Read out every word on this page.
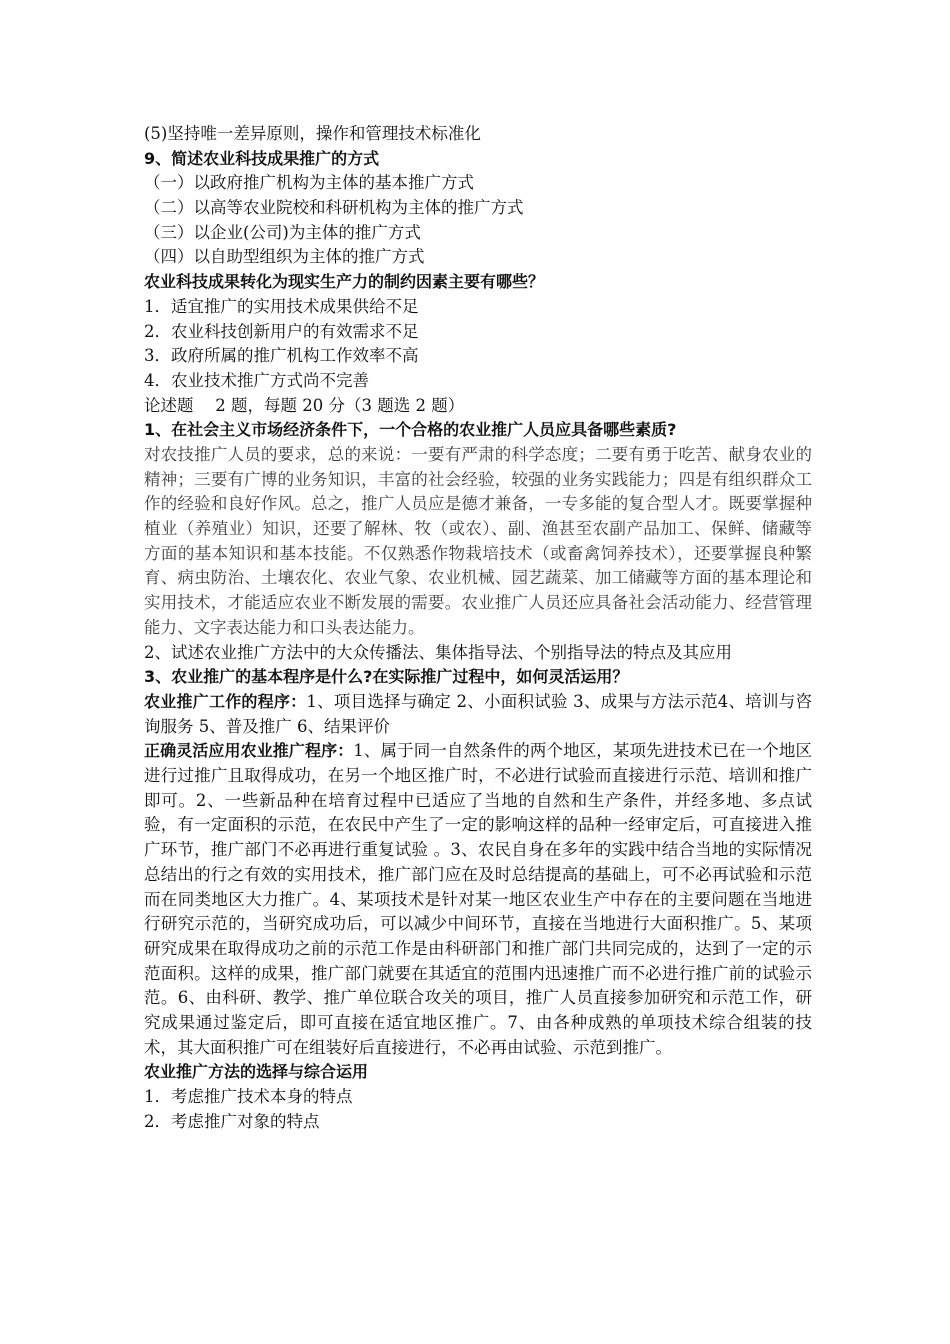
(5)坚持唯一差异原则，操作和管理技术标准化
9、简述农业科技成果推广的方式
（一）以政府推广机构为主体的基本推广方式
（二）以高等农业院校和科研机构为主体的推广方式
（三）以企业(公司)为主体的推广方式
（四）以自助型组织为主体的推广方式
农业科技成果转化为现实生产力的制约因素主要有哪些？
1．适宜推广的实用技术成果供给不足
2．农业科技创新用户的有效需求不足
3．政府所属的推广机构工作效率不高
4．农业技术推广方式尚不完善
论述题　 2 题，每题 20 分（3 题选 2 题）
1、在社会主义市场经济条件下，一个合格的农业推广人员应具备哪些素质?
对农技推广人员的要求，总的来说：一要有严肃的科学态度；二要有勇于吃苦、献身农业的精神；三要有广博的业务知识，丰富的社会经验，较强的业务实践能力；四是有组织群众工作的经验和良好作风。总之，推广人员应是德才兼备，一专多能的复合型人才。既要掌握种植业（养殖业）知识，还要了解林、牧（或农）、副、渔甚至农副产品加工、保鲜、储藏等方面的基本知识和基本技能。不仅熟悉作物栽培技术（或畜禽饲养技术），还要掌握良种繁育、病虫防治、土壤农化、农业气象、农业机械、园艺蔬菜、加工储藏等方面的基本理论和实用技术，才能适应农业不断发展的需要。农业推广人员还应具备社会活动能力、经营管理能力、文字表达能力和口头表达能力。
2、试述农业推广方法中的大众传播法、集体指导法、个别指导法的特点及其应用
3、农业推广的基本程序是什么?在实际推广过程中，如何灵活运用？
农业推广工作的程序：1、项目选择与确定 2、小面积试验 3、成果与方法示范4、培训与咨询服务 5、普及推广 6、结果评价
正确灵活应用农业推广程序：1、属于同一自然条件的两个地区，某项先进技术已在一个地区进行过推广且取得成功，在另一个地区推广时，不必进行试验而直接进行示范、培训和推广即可。2、一些新品种在培育过程中已适应了当地的自然和生产条件，并经多地、多点试验，有一定面积的示范，在农民中产生了一定的影响这样的品种一经审定后，可直接进入推广环节，推广部门不必再进行重复试验 。3、农民自身在多年的实践中结合当地的实际情况总结出的行之有效的实用技术，推广部门应在及时总结提高的基础上，可不必再试验和示范而在同类地区大力推广。4、某项技术是针对某一地区农业生产中存在的主要问题在当地进行研究示范的，当研究成功后，可以减少中间环节，直接在当地进行大面积推广。5、某项研究成果在取得成功之前的示范工作是由科研部门和推广部门共同完成的，达到了一定的示范面积。这样的成果，推广部门就要在其适宜的范围内迅速推广而不必进行推广前的试验示范。6、由科研、教学、推广单位联合攻关的项目，推广人员直接参加研究和示范工作，研究成果通过鉴定后，即可直接在适宜地区推广。7、由各种成熟的单项技术综合组装的技术，其大面积推广可在组装好后直接进行，不必再由试验、示范到推广。
农业推广方法的选择与综合运用
1．考虑推广技术本身的特点
2．考虑推广对象的特点
